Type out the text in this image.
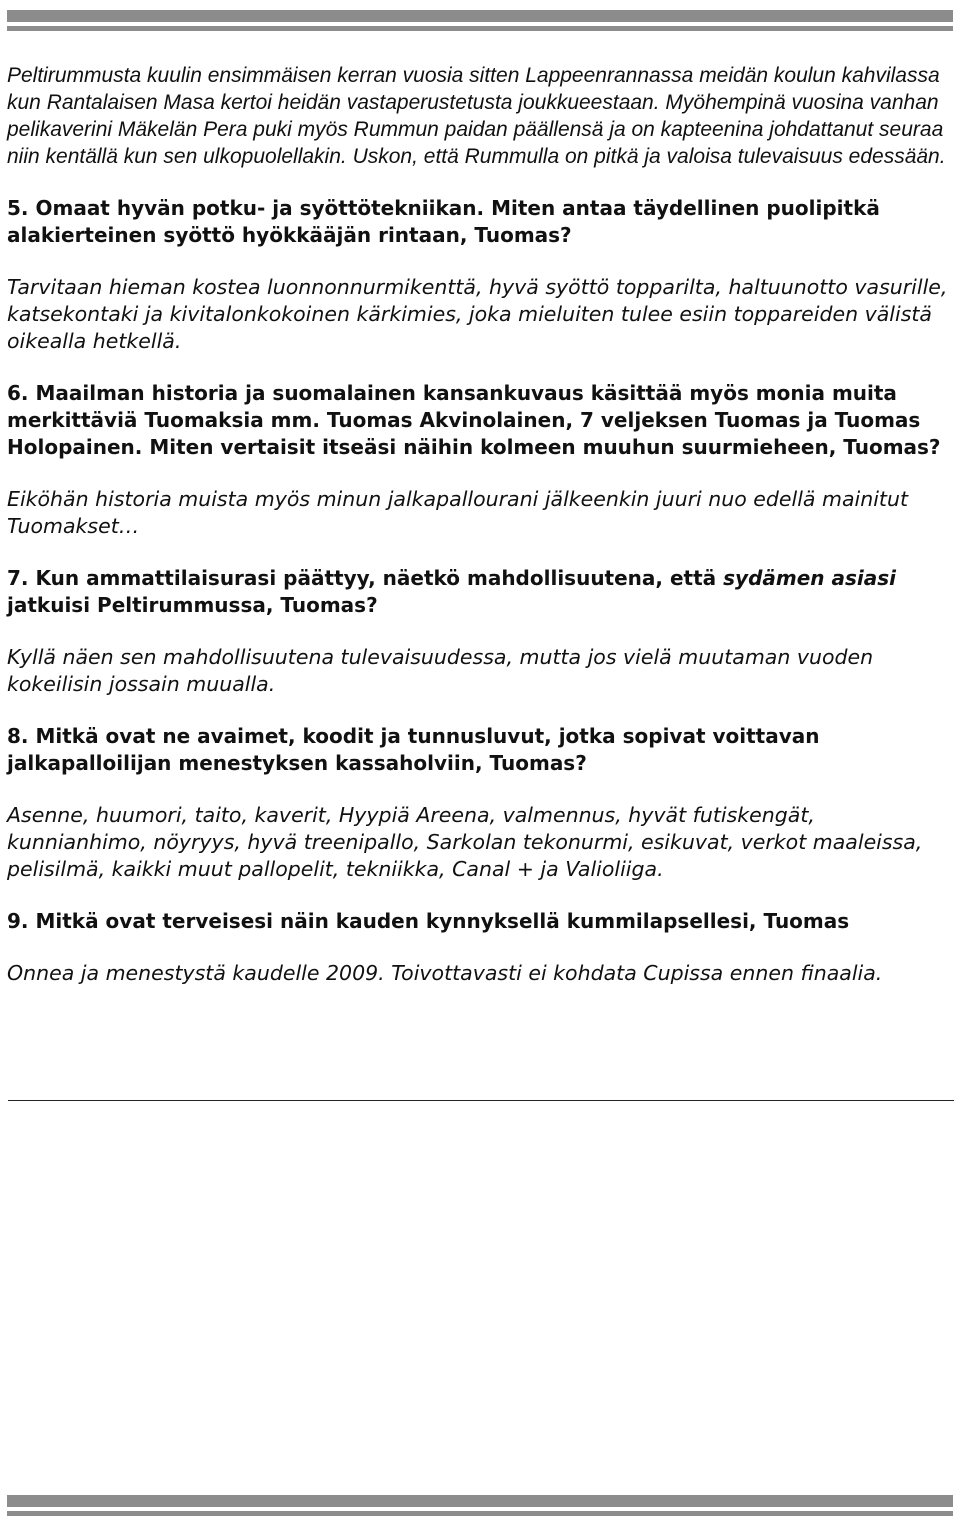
Peltirummusta kuulin ensimmäisen kerran vuosia sitten Lappeenrannassa meidän koulun kahvilassa kun Rantalaisen Masa kertoi heidän vastaperustetusta joukkueestaan. Myöhempinä vuosina vanhan pelikaverini Mäkelän Pera puki myös Rummun paidan päällensä ja on kapteenina johdattanut seuraa niin kentällä kun sen ulkopuolellakin. Uskon, että Rummulla on pitkä ja valoisa tulevaisuus edessään.

5. Omaat hyvän potku- ja syöttötekniikan. Miten antaa täydellinen puolipitkä alakierteinen syöttö hyökkääjän rintaan, Tuomas?

Tarvitaan hieman kostea luonnonnurmikenttä, hyvä syöttö topparilta, haltuunotto vasurille, katsekontaki ja kivitalonkokoinen kärkimies, joka mieluiten tulee esiin toppareiden välistä oikealla hetkellä.

6. Maailman historia ja suomalainen kansankuvaus käsittää myös monia muita merkittäviä Tuomaksia mm. Tuomas Akvinolainen, 7 veljeksen Tuomas ja Tuomas Holopainen. Miten vertaisit itseäsi näihin kolmeen muuhun suurmieheen, Tuomas?

Eiköhän historia muista myös minun jalkapallourani jälkeenkin juuri nuo edellä mainitut Tuomakset…

7. Kun ammattilaisurasi päättyy, näetkö mahdollisuutena, että sydämen asiasi jatkuisi Peltirummussa, Tuomas?

Kyllä näen sen mahdollisuutena tulevaisuudessa, mutta jos vielä muutaman vuoden kokeilisin jossain muualla.

8. Mitkä ovat ne avaimet, koodit ja tunnusluvut, jotka sopivat voittavan jalkapalloilijan menestyksen kassaholviin, Tuomas?

Asenne, huumori, taito, kaverit, Hyypiä Areena, valmennus, hyvät futiskengät, kunnianhimo, nöyryys, hyvä treenipallo, Sarkolan tekonurmi, esikuvat, verkot maaleissa, pelisilmä, kaikki muut pallopelit, tekniikka, Canal + ja Valioliiga.

9. Mitkä ovat terveisesi näin kauden kynnyksellä kummilapsellesi, Tuomas

Onnea ja menestystä kaudelle 2009. Toivottavasti ei kohdata Cupissa ennen finaalia.
